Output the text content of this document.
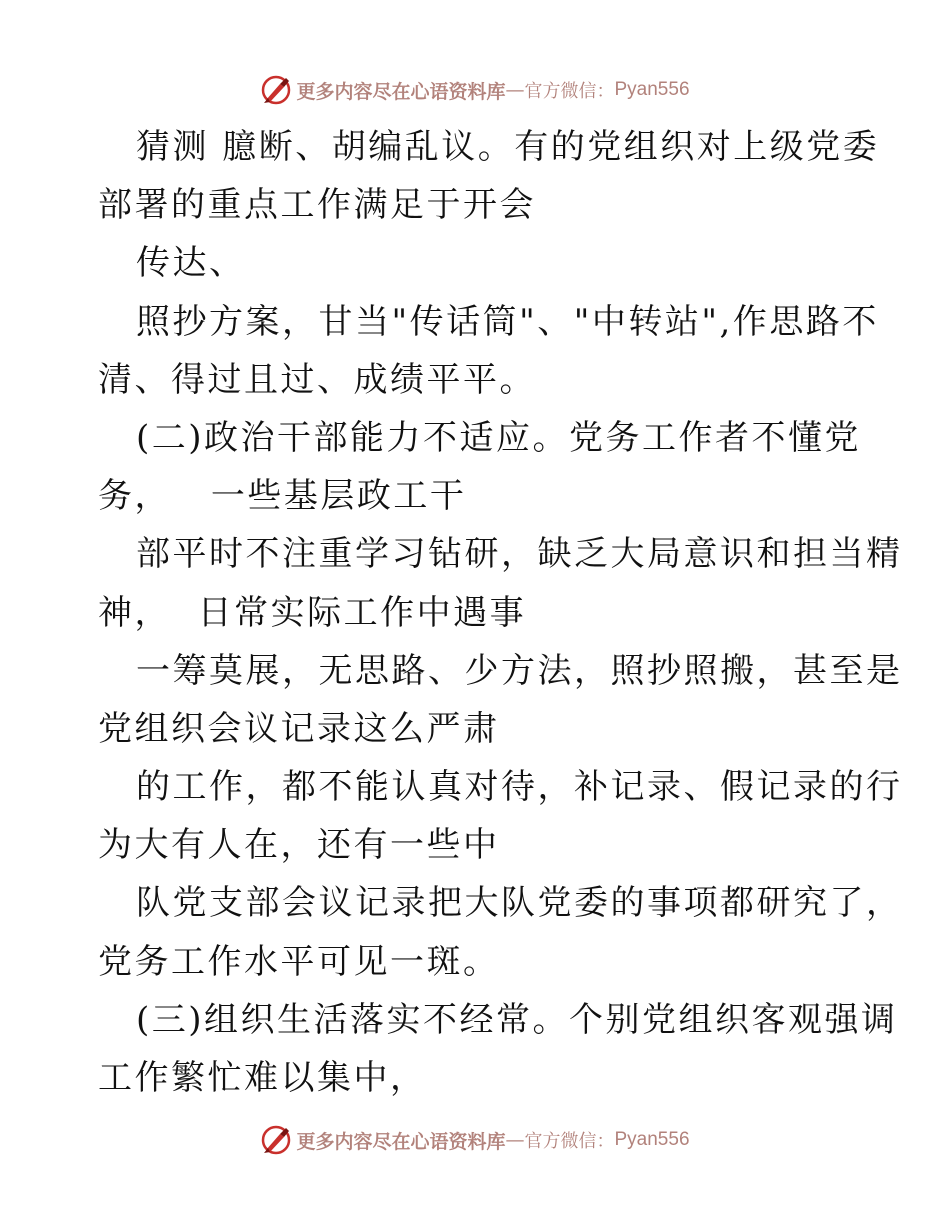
更多内容尽在心语资料库 — 官方微信： Pyan556
猜测 臆断、胡编乱议。有的党组织对上级党委
部署的重点工作满足于开会
传达、
照抄方案，甘当"传话筒"、"中转站",作思路不
清、得过且过、成绩平平。
(二)政治干部能力不适应。党务工作者不懂党
务，   一些基层政工干
部平时不注重学习钻研，缺乏大局意识和担当精
神，  日常实际工作中遇事
一筹莫展，无思路、少方法，照抄照搬，甚至是
党组织会议记录这么严肃
的工作，都不能认真对待，补记录、假记录的行
为大有人在，还有一些中
队党支部会议记录把大队党委的事项都研究了，
党务工作水平可见一斑。
(三)组织生活落实不经常。个别党组织客观强调
工作繁忙难以集中，
更多内容尽在心语资料库 — 官方微信： Pyan556
